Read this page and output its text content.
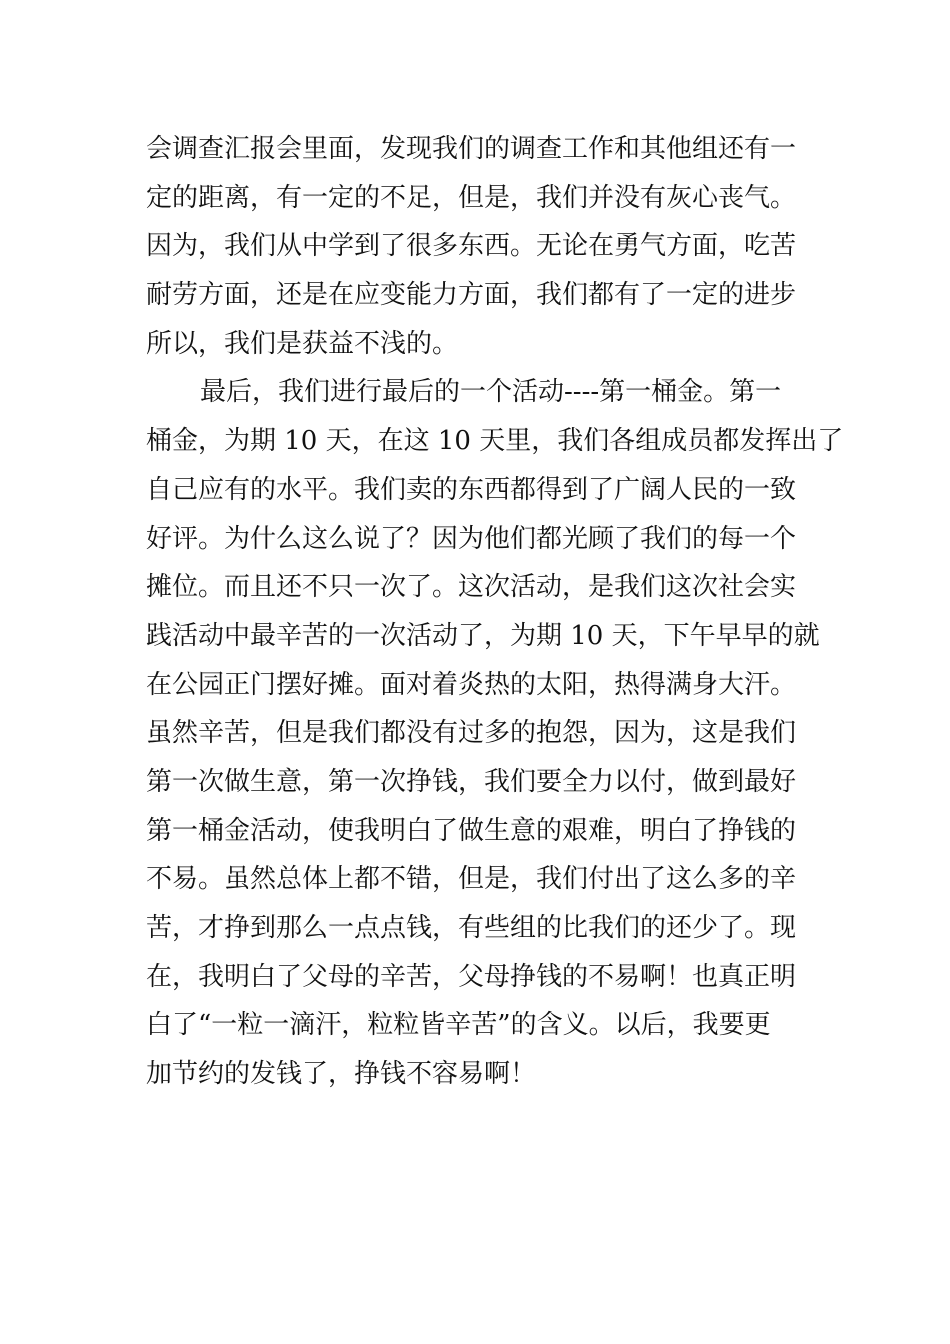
会调查汇报会里面，发现我们的调查工作和其他组还有一
定的距离，有一定的不足，但是，我们并没有灰心丧气。
因为，我们从中学到了很多东西。无论在勇气方面，吃苦
耐劳方面，还是在应变能力方面，我们都有了一定的进步
所以，我们是获益不浅的。
最后，我们进行最后的一个活动----第一桶金。第一
桶金，为期 10 天，在这 10 天里，我们各组成员都发挥出了
自己应有的水平。我们卖的东西都得到了广阔人民的一致
好评。为什么这么说了？因为他们都光顾了我们的每一个
摊位。而且还不只一次了。这次活动，是我们这次社会实
践活动中最辛苦的一次活动了，为期 10 天，下午早早的就
在公园正门摆好摊。面对着炎热的太阳，热得满身大汗。
虽然辛苦，但是我们都没有过多的抱怨，因为，这是我们
第一次做生意，第一次挣钱，我们要全力以付，做到最好
第一桶金活动，使我明白了做生意的艰难，明白了挣钱的
不易。虽然总体上都不错，但是，我们付出了这么多的辛
苦，才挣到那么一点点钱，有些组的比我们的还少了。现
在，我明白了父母的辛苦，父母挣钱的不易啊！也真正明
白了“一粒一滴汗，粒粒皆辛苦”的含义。以后，我要更
加节约的发钱了，挣钱不容易啊！
